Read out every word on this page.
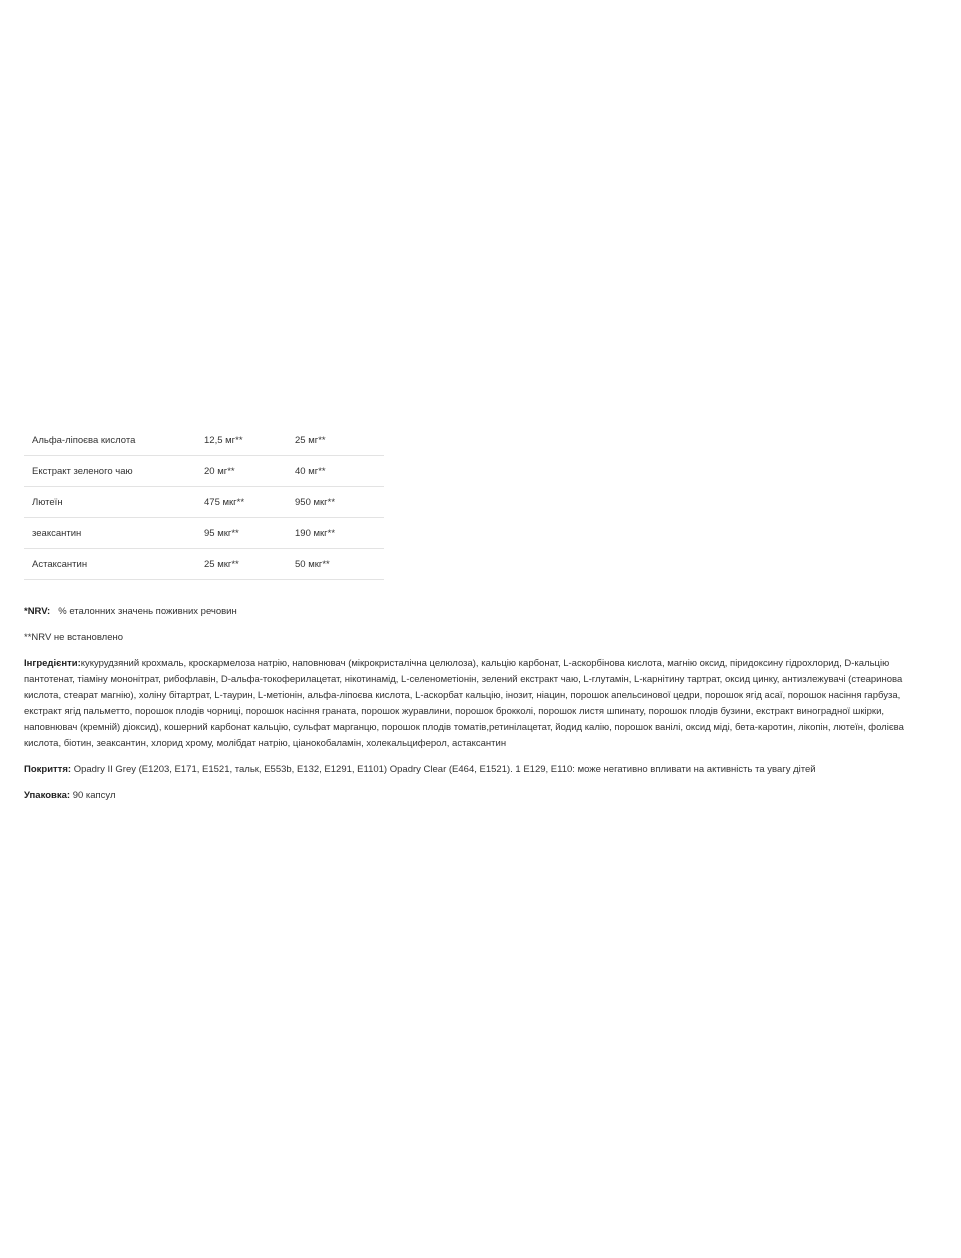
Альфа-ліпоєва кислота	12,5 мг**	25 мг**
Екстракт зеленого чаю	20 мг**	40 мг**
Лютеїн	475 мкг**	950 мкг**
зеаксантин	95 мкг**	190 мкг**
Астаксантин	25 мкг**	50 мкг**

*NRV: % еталонних значень поживних речовин

**NRV не встановлено

Інгредієнти:кукурудзяний крохмаль, кроскармелоза натрію, наповнювач (мікрокристалічна целюлоза), кальцію карбонат, L-аскорбінова кислота, магнію оксид, піридоксину гідрохлорид, D-кальцію пантотенат, тіаміну мононітрат, рибофлавін, D-альфа-токоферилацетат, нікотинамід, L-селенометіонін, зелений екстракт чаю, L-глутамін, L-карнітину тартрат, оксид цинку, антизлежувачі (стеаринова кислота, стеарат магнію), холіну бітартрат, L-таурин, L-метіонін, альфа-ліпоєва кислота, L-аскорбат кальцію, інозит, ніацин, порошок апельсинової цедри, порошок ягід асаї, порошок насіння гарбуза, екстракт ягід пальметто, порошок плодів чорниці, порошок насіння граната, порошок журавлини, порошок брокколі, порошок листя шпинату, порошок плодів бузини, екстракт виноградної шкірки, наповнювач (кремній) діоксид), кошерний карбонат кальцію, сульфат марганцю, порошок плодів томатів,ретинілацетат, йодид калію, порошок ванілі, оксид міді, бета-каротин, лікопін, лютеїн, фолієва кислота, біотин, зеаксантин, хлорид хрому, молібдат натрію, ціанокобаламін, холекальциферол, астаксантин

Покриття: Opadry II Grey (E1203, E171, E1521, тальк, E553b, E132, E1291, E1101) Opadry Clear (E464, E1521). 1 E129, E110: може негативно впливати на активність та увагу дітей

Упаковка: 90 капсул
